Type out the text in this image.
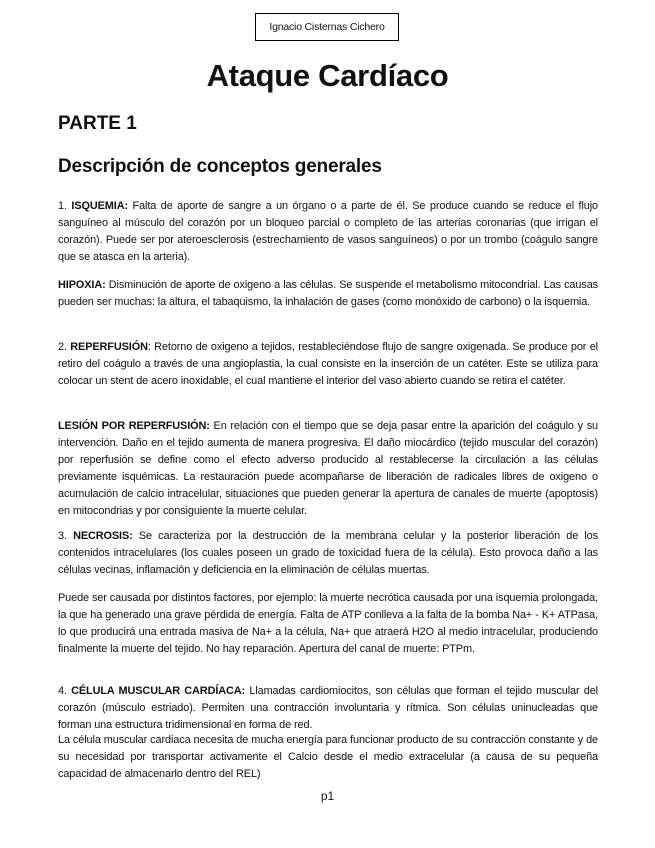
Ignacio Cisternas Cichero
Ataque Cardíaco
PARTE 1
Descripción de conceptos generales

1. ISQUEMIA: Falta de aporte de sangre a un órgano o a parte de él. Se produce cuando se reduce el flujo sanguíneo al músculo del corazón por un bloqueo parcial o completo de las arterias coronarias (que irrigan el corazón). Puede ser por ateroesclerosis (estrechamiento de vasos sanguíneos) o por un trombo (coágulo sangre que se atasca en la arteria).

HIPOXIA: Disminución de aporte de oxigeno a las células. Se suspende el metabolismo mitocondrial. Las causas pueden ser muchas: la altura, el tabaquismo, la inhalación de gases (como monóxido de carbono) o la isquemia.

2. REPERFUSIÓN: Retorno de oxigeno a tejidos, restableciéndose flujo de sangre oxigenada. Se produce por el retiro del coágulo a través de una angioplastia, la cual consiste en la inserción de un catéter. Este se utiliza para colocar un stent de acero inoxidable, el cual mantiene el interior del vaso abierto cuando se retira el catéter.

LESIÓN POR REPERFUSIÓN: En relación con el tiempo que se deja pasar entre la aparición del coágulo y su intervención. Daño en el tejido aumenta de manera progresiva. El daño miocárdico (tejido muscular del corazón) por reperfusión se define como el efecto adverso producido al restablecerse la circulación a las células previamente isquémicas. La restauración puede acompañarse de liberación de radicales libres de oxigeno o acumulación de calcio intracelular, situaciones que pueden generar la apertura de canales de muerte (apoptosis) en mitocondrias y por consiguiente la muerte celular.

3. NECROSIS: Se caracteriza por la destrucción de la membrana celular y la posterior liberación de los contenidos intracelulares (los cuales poseen un grado de toxicidad fuera de la célula). Esto provoca daño a las células vecinas, inflamación y deficiencia en la eliminación de células muertas.

Puede ser causada por distintos factores, por ejemplo: la muerte necrótica causada por una isquemia prolongada, la que ha generado una grave pérdida de energía. Falta de ATP conlleva a la falta de la bomba Na+ - K+ ATPasa, lo que producirá una entrada masiva de Na+ a la célula, Na+ que atraerá H2O al medio intracelular, produciendo finalmente la muerte del tejido. No hay reparación. Apertura del canal de muerte: PTPm.

4. CÉLULA MUSCULAR CARDÍACA: Llamadas cardiomiocitos, son células que forman el tejido muscular del corazón (músculo estriado). Permiten una contracción involuntaria y rítmica. Son células uninucleadas que forman una estructura tridimensional en forma de red.

La célula muscular cardiaca necesita de mucha energía para funcionar producto de su contracción constante y de su necesidad por transportar activamente el Calcio desde el medio extracelular (a causa de su pequeña capacidad de almacenarlo dentro del REL)

p1
